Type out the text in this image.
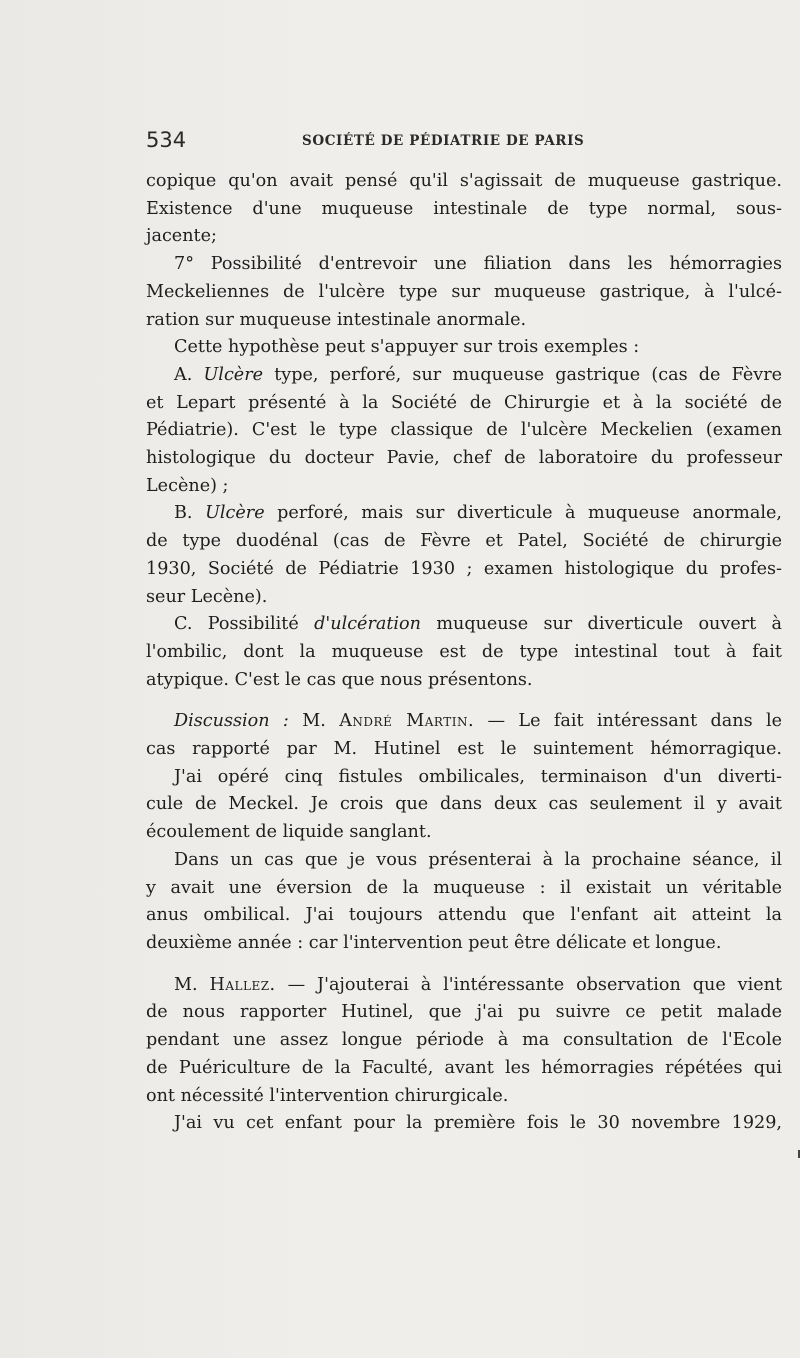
534	SOCIÉTÉ DE PÉDIATRIE DE PARIS

copique qu'on avait pensé qu'il s'agissait de muqueuse gastrique.
Existence d'une muqueuse intestinale de type normal, sous-
jacente;

7° Possibilité d'entrevoir une filiation dans les hémorragies
Meckeliennes de l'ulcère type sur muqueuse gastrique, à l'ulcé-
ration sur muqueuse intestinale anormale.

Cette hypothèse peut s'appuyer sur trois exemples :

A. Ulcère type, perforé, sur muqueuse gastrique (cas de Fèvre
et Lepart présenté à la Société de Chirurgie et à la société de
Pédiatrie). C'est le type classique de l'ulcère Meckelien (examen
histologique du docteur Pavie, chef de laboratoire du professeur
Lecène) ;

B. Ulcère perforé, mais sur diverticule à muqueuse anormale,
de type duodénal (cas de Fèvre et Patel, Société de chirurgie
1930, Société de Pédiatrie 1930 ; examen histologique du profes-
seur Lecène).

C. Possibilité d'ulcération muqueuse sur diverticule ouvert à
l'ombilic, dont la muqueuse est de type intestinal tout à fait
atypique. C'est le cas que nous présentons.

Discussion : M. André Martin. — Le fait intéressant dans le
cas rapporté par M. Hutinel est le suintement hémorragique.
J'ai opéré cinq fistules ombilicales, terminaison d'un diverti-
cule de Meckel. Je crois que dans deux cas seulement il y avait
écoulement de liquide sanglant.

Dans un cas que je vous présenterai à la prochaine séance, il
y avait une éversion de la muqueuse : il existait un véritable
anus ombilical. J'ai toujours attendu que l'enfant ait atteint la
deuxième année : car l'intervention peut être délicate et longue.

M. Hallez. — J'ajouterai à l'intéressante observation que vient
de nous rapporter Hutinel, que j'ai pu suivre ce petit malade
pendant une assez longue période à ma consultation de l'Ecole
de Puériculture de la Faculté, avant les hémorragies répétées qui
ont nécessité l'intervention chirurgicale.

J'ai vu cet enfant pour la première fois le 30 novembre 1929,
